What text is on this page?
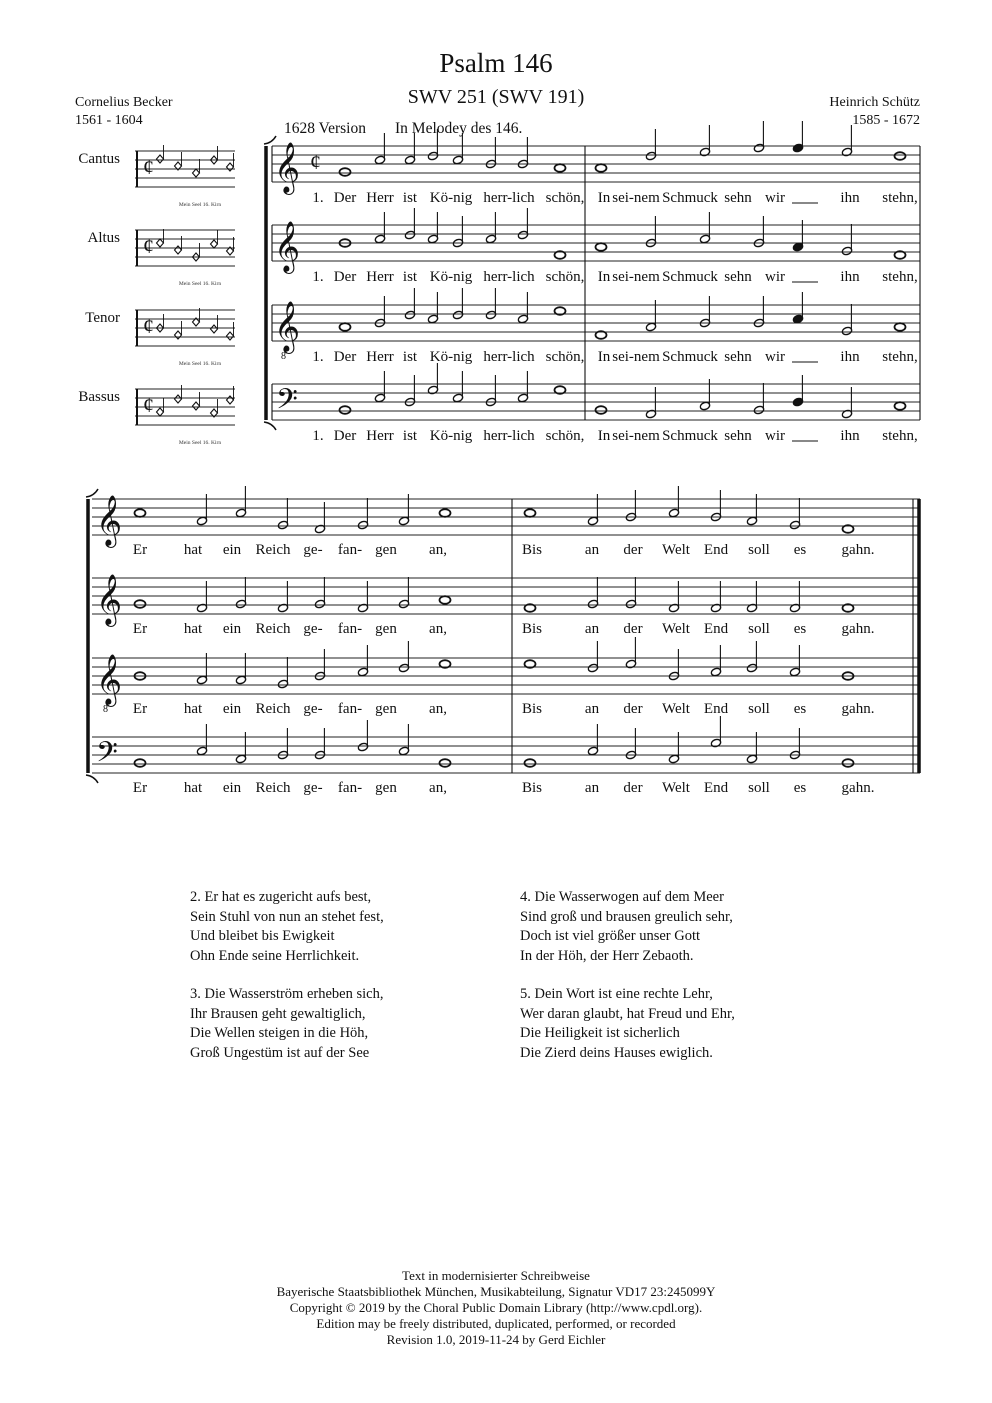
Psalm 146
SWV 251 (SWV 191)
Cornelius Becker
1561 - 1604
Heinrich Schütz
1585 - 1672
1628 Version In Melodey des 146.
Cantus ¢
Mein Seel 16. Kirn
Altus ¢
Mein Seel 16. Kirn
Tenor ¢
Mein Seel 16. Kirn
Bassus ¢
Mein Seel 16. Kirn
𝄞 ¢
𝄞
𝄞
8
𝄢
1. Der Herr ist Kö-nig herr-lich schön, In sei-nem Schmuck sehn wir	ihn stehn,
1. Der Herr ist Kö-nig herr-lich schön, In sei-nem Schmuck sehn wir	ihn stehn,
1. Der Herr ist Kö-nig herr-lich schön, In sei-nem Schmuck sehn wir	ihn stehn,
1. Der Herr ist Kö-nig herr-lich schön, In sei-nem Schmuck sehn wir	ihn stehn,
𝄞
𝄞
𝄞
8
𝄢
Er hat ein Reich ge- fan- gen an,	Bis	an der Welt End soll es gahn.
Er hat ein Reich ge- fan- gen an,	Bis	an der Welt End soll es gahn.
Er hat ein Reich ge- fan- gen an,	Bis	an der Welt End soll es gahn.
Er hat ein Reich ge- fan- gen an,	Bis	an der Welt End soll es gahn.
2. Er hat es zugericht aufs best,
Sein Stuhl von nun an stehet fest,
Und bleibet bis Ewigkeit
Ohn Ende seine Herrlichkeit.
3. Die Wasserström erheben sich,
Ihr Brausen geht gewaltiglich,
Die Wellen steigen in die Höh,
Groß Ungestüm ist auf der See
4. Die Wasserwogen auf dem Meer
Sind groß und brausen greulich sehr,
Doch ist viel größer unser Gott
In der Höh, der Herr Zebaoth.
5. Dein Wort ist eine rechte Lehr,
Wer daran glaubt, hat Freud und Ehr,
Die Heiligkeit ist sicherlich
Die Zierd deins Hauses ewiglich.
Text in modernisierter Schreibweise
Bayerische Staatsbibliothek München, Musikabteilung, Signatur VD17 23:245099Y
Copyright © 2019 by the Choral Public Domain Library (http://www.cpdl.org).
Edition may be freely distributed, duplicated, performed, or recorded
Revision 1.0, 2019-11-24 by Gerd Eichler
